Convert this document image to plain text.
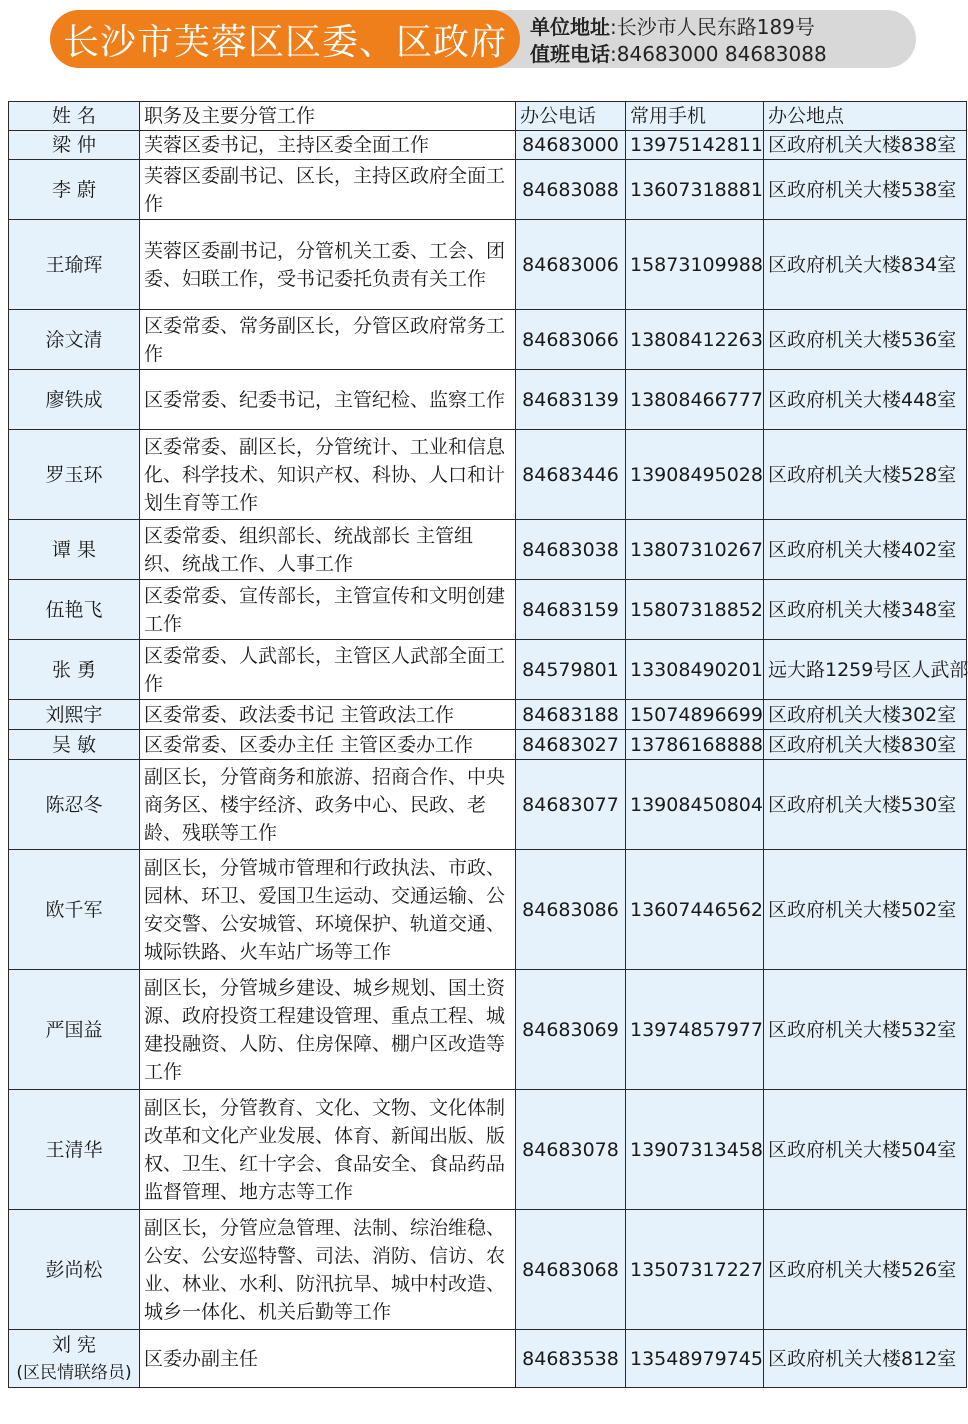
长沙市芙蓉区区委、区政府 单位地址:长沙市人民东路189号
值班电话:84683000 84683088
姓 名	职务及主要分管工作	办公电话	常用手机	办公地点
梁 仲	芙蓉区委书记，主持区委全面工作	84683000	13975142811	区政府机关大楼838室
李 蔚	芙蓉区委副书记、区长，主持区政府全面工作	84683088	13607318881	区政府机关大楼538室
王瑜珲	芙蓉区委副书记，分管机关工委、工会、团委、妇联工作，受书记委托负责有关工作	84683006	15873109988	区政府机关大楼834室
涂文清	区委常委、常务副区长，分管区政府常务工作	84683066	13808412263	区政府机关大楼536室
廖铁成	区委常委、纪委书记，主管纪检、监察工作	84683139	13808466777	区政府机关大楼448室
罗玉环	区委常委、副区长，分管统计、工业和信息化、科学技术、知识产权、科协、人口和计划生育等工作	84683446	13908495028	区政府机关大楼528室
谭 果	区委常委、组织部长、统战部长 主管组织、统战工作、人事工作	84683038	13807310267	区政府机关大楼402室
伍艳飞	区委常委、宣传部长，主管宣传和文明创建工作	84683159	15807318852	区政府机关大楼348室
张 勇	区委常委、人武部长，主管区人武部全面工作	84579801	13308490201	远大路1259号区人武部
刘熙宇	区委常委、政法委书记 主管政法工作	84683188	15074896699	区政府机关大楼302室
吴 敏	区委常委、区委办主任 主管区委办工作	84683027	13786168888	区政府机关大楼830室
陈忍冬	副区长，分管商务和旅游、招商合作、中央商务区、楼宇经济、政务中心、民政、老龄、残联等工作	84683077	13908450804	区政府机关大楼530室
欧千军	副区长，分管城市管理和行政执法、市政、园林、环卫、爱国卫生运动、交通运输、公安交警、公安城管、环境保护、轨道交通、城际铁路、火车站广场等工作	84683086	13607446562	区政府机关大楼502室
严国益	副区长，分管城乡建设、城乡规划、国土资源、政府投资工程建设管理、重点工程、城建投融资、人防、住房保障、棚户区改造等工作	84683069	13974857977	区政府机关大楼532室
王清华	副区长，分管教育、文化、文物、文化体制改革和文化产业发展、体育、新闻出版、版权、卫生、红十字会、食品安全、食品药品监督管理、地方志等工作	84683078	13907313458	区政府机关大楼504室
彭尚松	副区长，分管应急管理、法制、综治维稳、公安、公安巡特警、司法、消防、信访、农业、林业、水利、防汛抗旱、城中村改造、城乡一体化、机关后勤等工作	84683068	13507317227	区政府机关大楼526室
刘 宪
(区民情联络员)	区委办副主任	84683538	13548979745	区政府机关大楼812室
